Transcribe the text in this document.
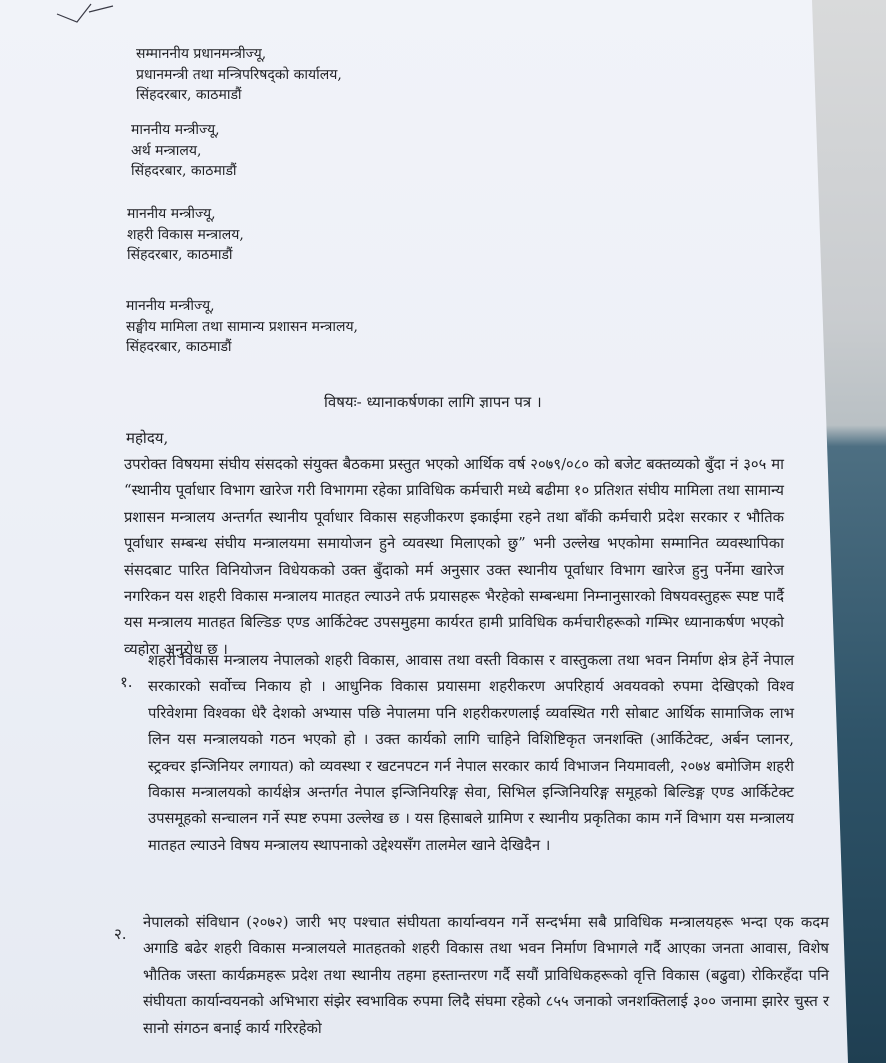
सम्माननीय प्रधानमन्त्रीज्यू,
प्रधानमन्त्री तथा मन्त्रिपरिषद्को कार्यालय,
सिंहदरबार, काठमाडौं
माननीय मन्त्रीज्यू,
अर्थ मन्त्रालय,
सिंहदरबार, काठमाडौं
माननीय मन्त्रीज्यू,
शहरी विकास मन्त्रालय,
सिंहदरबार, काठमाडौं
माननीय मन्त्रीज्यू,
सङ्घीय मामिला तथा सामान्य प्रशासन मन्त्रालय,
सिंहदरबार, काठमाडौं
विषयः- ध्यानाकर्षणका लागि ज्ञापन पत्र ।
महोदय,
उपरोक्त विषयमा संघीय संसदको संयुक्त बैठकमा प्रस्तुत भएको आर्थिक वर्ष २०७९/०८० को बजेट बक्तव्यको बुँदा नं ३०५ मा “स्थानीय पूर्वाधार विभाग खारेज गरी विभागमा रहेका प्राविधिक कर्मचारी मध्ये बढीमा १० प्रतिशत संघीय मामिला तथा सामान्य प्रशासन मन्त्रालय अन्तर्गत स्थानीय पूर्वाधार विकास सहजीकरण इकाईमा रहने तथा बाँकी कर्मचारी प्रदेश सरकार र भौतिक पूर्वाधार सम्बन्ध संघीय मन्त्रालयमा समायोजन हुने व्यवस्था मिलाएको छु” भनी उल्लेख भएकोमा सम्मानित व्यवस्थापिका संसदबाट पारित विनियोजन विधेयकको उक्त बुँदाको मर्म अनुसार उक्त स्थानीय पूर्वाधार विभाग खारेज हुनु पर्नेमा खारेज नगरिकन यस शहरी विकास मन्त्रालय मातहत ल्याउने तर्फ प्रयासहरू भैरहेको सम्बन्धमा निम्नानुसारको विषयवस्तुहरू स्पष्ट पार्दै यस मन्त्रालय मातहत बिल्डिङ एण्ड आर्किटेक्ट उपसमुहमा कार्यरत हामी प्राविधिक कर्मचारीहरूको गम्भिर ध्यानाकर्षण भएको व्यहोरा अनुरोध छ ।
१.
शहरी विकास मन्त्रालय नेपालको शहरी विकास, आवास तथा वस्ती विकास र वास्तुकला तथा भवन निर्माण क्षेत्र हेर्ने नेपाल सरकारको सर्वोच्च निकाय हो । आधुनिक विकास प्रयासमा शहरीकरण अपरिहार्य अवयवको रुपमा देखिएको विश्व परिवेशमा विश्वका धेरै देशको अभ्यास पछि नेपालमा पनि शहरीकरणलाई व्यवस्थित गरी सोबाट आर्थिक सामाजिक लाभ लिन यस मन्त्रालयको गठन भएको हो । उक्त कार्यको लागि चाहिने विशिष्टिकृत जनशक्ति (आर्किटेक्ट, अर्बन प्लानर, स्ट्रक्चर इन्जिनियर लगायत) को व्यवस्था र खटनपटन गर्न नेपाल सरकार कार्य विभाजन नियमावली, २०७४ बमोजिम शहरी विकास मन्त्रालयको कार्यक्षेत्र अन्तर्गत नेपाल इन्जिनियरिङ्ग सेवा, सिभिल इन्जिनियरिङ्ग समूहको बिल्डिङ्ग एण्ड आर्किटेक्ट उपसमूहको सन्चालन गर्ने स्पष्ट रुपमा उल्लेख छ । यस हिसाबले ग्रामिण र स्थानीय प्रकृतिका काम गर्ने विभाग यस मन्त्रालय मातहत ल्याउने विषय मन्त्रालय स्थापनाको उद्देश्यसँग तालमेल खाने देखिदैन ।
२.
नेपालको संविधान (२०७२) जारी भए पश्चात संघीयता कार्यान्वयन गर्ने सन्दर्भमा सबै प्राविधिक मन्त्रालयहरू भन्दा एक कदम अगाडि बढेर शहरी विकास मन्त्रालयले मातहतको शहरी विकास तथा भवन निर्माण विभागले गर्दै आएका जनता आवास, विशेष भौतिक जस्ता कार्यक्रमहरू प्रदेश तथा स्थानीय तहमा हस्तान्तरण गर्दै सयौं प्राविधिकहरूको वृत्ति विकास (बढुवा) रोकिरहँदा पनि संघीयता कार्यान्वयनको अभिभारा संझेर स्वभाविक रुपमा लिदै संघमा रहेको ८५५ जनाको जनशक्तिलाई ३०० जनामा झारेर चुस्त र सानो संगठन बनाई कार्य गरिरहेको
